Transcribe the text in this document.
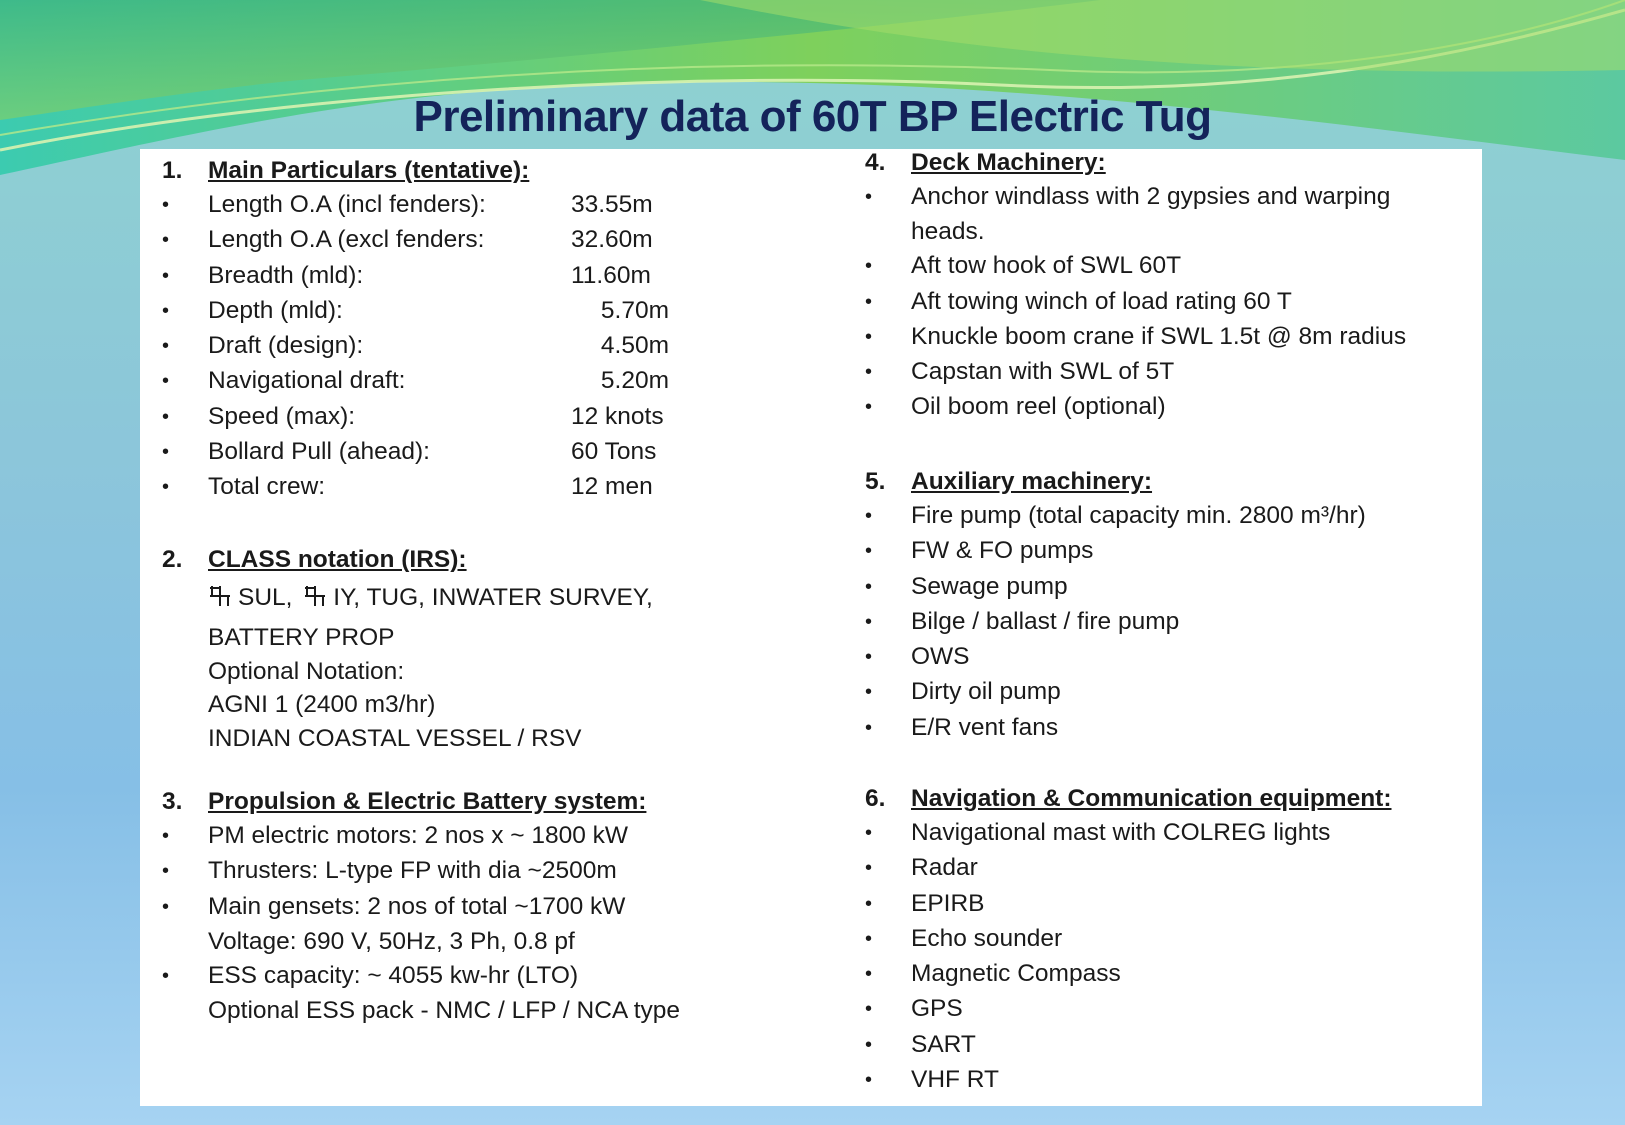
Preliminary data of 60T BP Electric Tug
1.	Main Particulars (tentative):
•	Length O.A (incl fenders):	33.55m
•	Length O.A (excl fenders:	32.60m
•	Breadth (mld):	11.60m
•	Depth (mld):	5.70m
•	Draft (design):	4.50m
•	Navigational draft:	5.20m
•	Speed (max):	12 knots
•	Bollard Pull (ahead):	60 Tons
•	Total crew:	12 men
2.	CLASS notation (IRS):
SUL, IY, TUG, INWATER SURVEY,
BATTERY PROP
Optional Notation:
AGNI 1 (2400 m3/hr)
INDIAN COASTAL VESSEL / RSV
3.	Propulsion & Electric Battery system:
•	PM electric motors: 2 nos x ~ 1800 kW
•	Thrusters: L-type FP with dia ~2500m
•	Main gensets: 2 nos of total ~1700 kW
Voltage: 690 V, 50Hz, 3 Ph, 0.8 pf
•	ESS capacity: ~ 4055 kw-hr (LTO)
Optional ESS pack - NMC / LFP / NCA type
4.	Deck Machinery:
•	Anchor windlass with 2 gypsies and warping
heads.
•	Aft tow hook of SWL 60T
•	Aft towing winch of load rating 60 T
•	Knuckle boom crane if SWL 1.5t @ 8m radius
•	Capstan with SWL of 5T
•	Oil boom reel (optional)
5.	Auxiliary machinery:
•	Fire pump (total capacity min. 2800 m³/hr)
•	FW & FO pumps
•	Sewage pump
•	Bilge / ballast / fire pump
•	OWS
•	Dirty oil pump
•	E/R vent fans
6.	Navigation & Communication equipment:
•	Navigational mast with COLREG lights
•	Radar
•	EPIRB
•	Echo sounder
•	Magnetic Compass
•	GPS
•	SART
•	VHF RT
